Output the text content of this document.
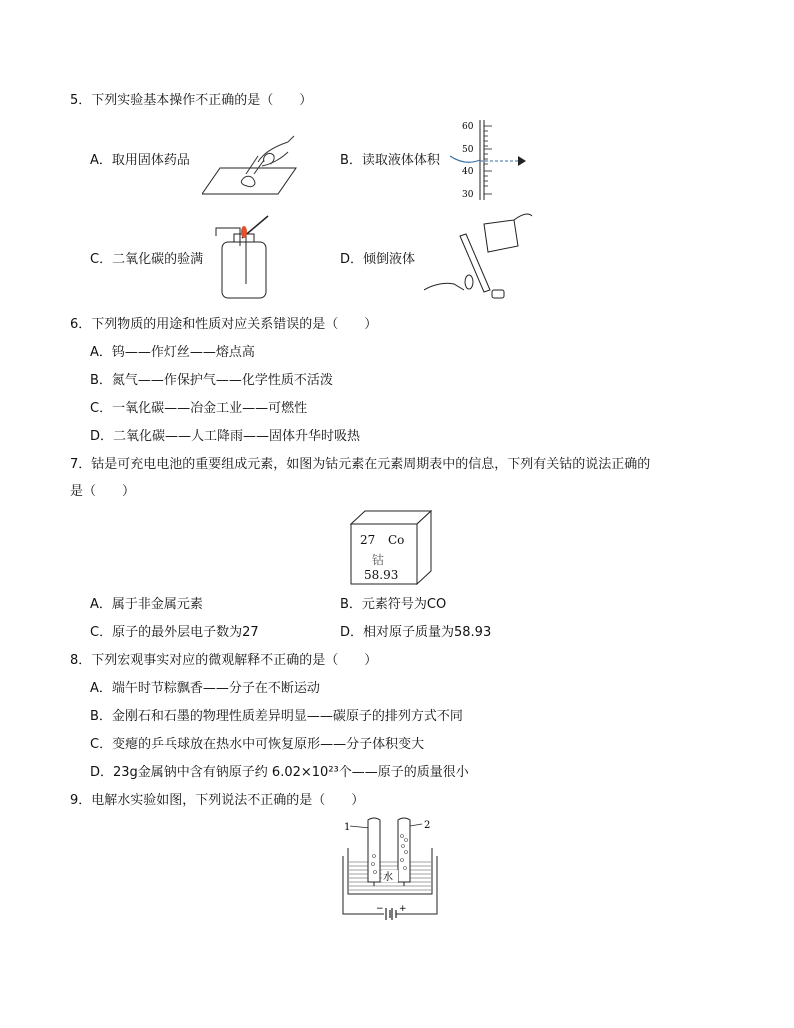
5．下列实验基本操作不正确的是（　　）
A．取用固体药品	B．读取液体体积
C．二氧化碳的验满	D．倾倒液体
60
50
40
30
6．下列物质的用途和性质对应关系错误的是（　　）
A．钨——作灯丝——熔点高
B．氮气——作保护气——化学性质不活泼
C．一氧化碳——冶金工业——可燃性
D．二氧化碳——人工降雨——固体升华时吸热
7．钴是可充电电池的重要组成元素，如图为钴元素在元素周期表中的信息，下列有关钴的说法正确的
是（　　）
27 Co
钴
58.93
A．属于非金属元素	B．元素符号为CO
C．原子的最外层电子数为27	D．相对原子质量为58.93
8．下列宏观事实对应的微观解释不正确的是（　　）
A．端午时节粽飘香——分子在不断运动
B．金刚石和石墨的物理性质差异明显——碳原子的排列方式不同
C．变瘪的乒乓球放在热水中可恢复原形——分子体积变大
D．23g金属钠中含有钠原子约 6.02×10²³个——原子的质量很小
9．电解水实验如图，下列说法不正确的是（　　）
1	2
水
− +
